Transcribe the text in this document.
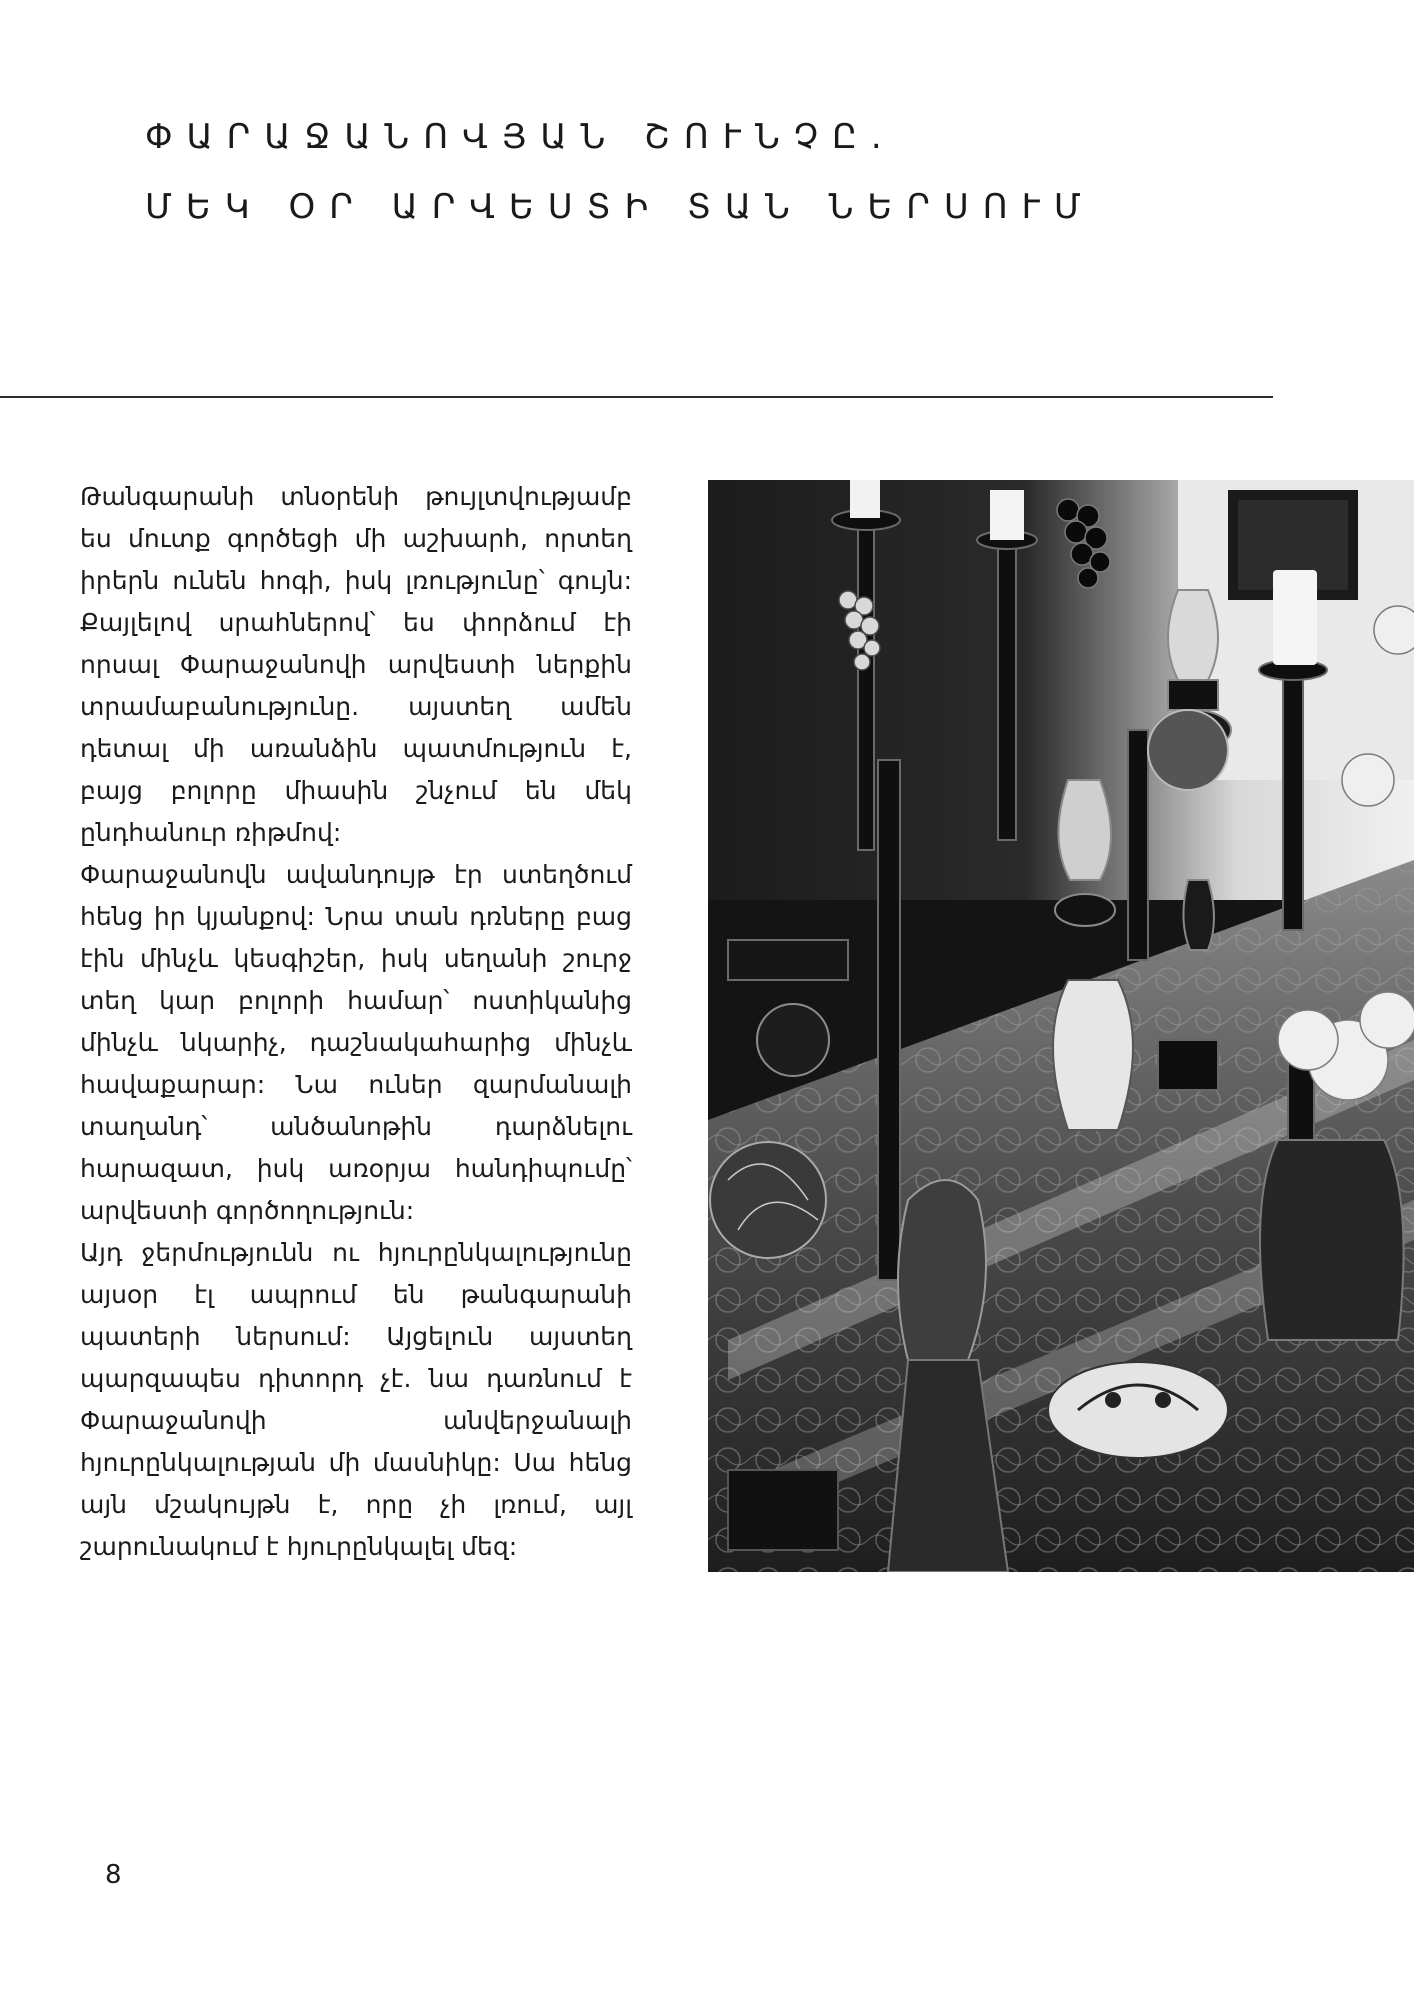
ՓԱՐԱՋԱՆՈՎՅԱՆ ՇՈՒՆՉԸ.
ՄԵԿ ՕՐ ԱՐՎԵՍՏԻ ՏԱՆ ՆԵՐՍՈՒՄ

Թանգարանի տնօրենի թույլտվությամբ ես մուտք գործեցի մի աշխարհ, որտեղ իրերն ունեն հոգի, իսկ լռությունը՝ գույն: Քայլելով սրահներով՝ ես փորձում էի որսալ Փարաջանովի արվեստի ներքին տրամաբանությունը. այստեղ ամեն դետալ մի առանձին պատմություն է, բայց բոլորը միասին շնչում են մեկ ընդհանուր ռիթմով:

Փարաջանովն ավանդույթ էր ստեղծում հենց իր կյանքով: Նրա տան դռները բաց էին մինչև կեսգիշեր, իսկ սեղանի շուրջ տեղ կար բոլորի համար՝ ոստիկանից մինչև նկարիչ, դաշնակահարից մինչև հավաքարար: Նա ուներ զարմանալի տաղանդ՝ անծանոթին դարձնելու հարազատ, իսկ առօրյա հանդիպումը՝ արվեստի գործողություն:

Այդ ջերմությունն ու հյուրընկալությունը այսօր էլ ապրում են թանգարանի պատերի ներսում: Այցելուն այստեղ պարզապես դիտորդ չէ. նա դառնում է Փարաջանովի անվերջանալի հյուրընկալության մի մասնիկը: Սա հենց այն մշակույթն է, որը չի լռում, այլ շարունակում է հյուրընկալել մեզ:

8
